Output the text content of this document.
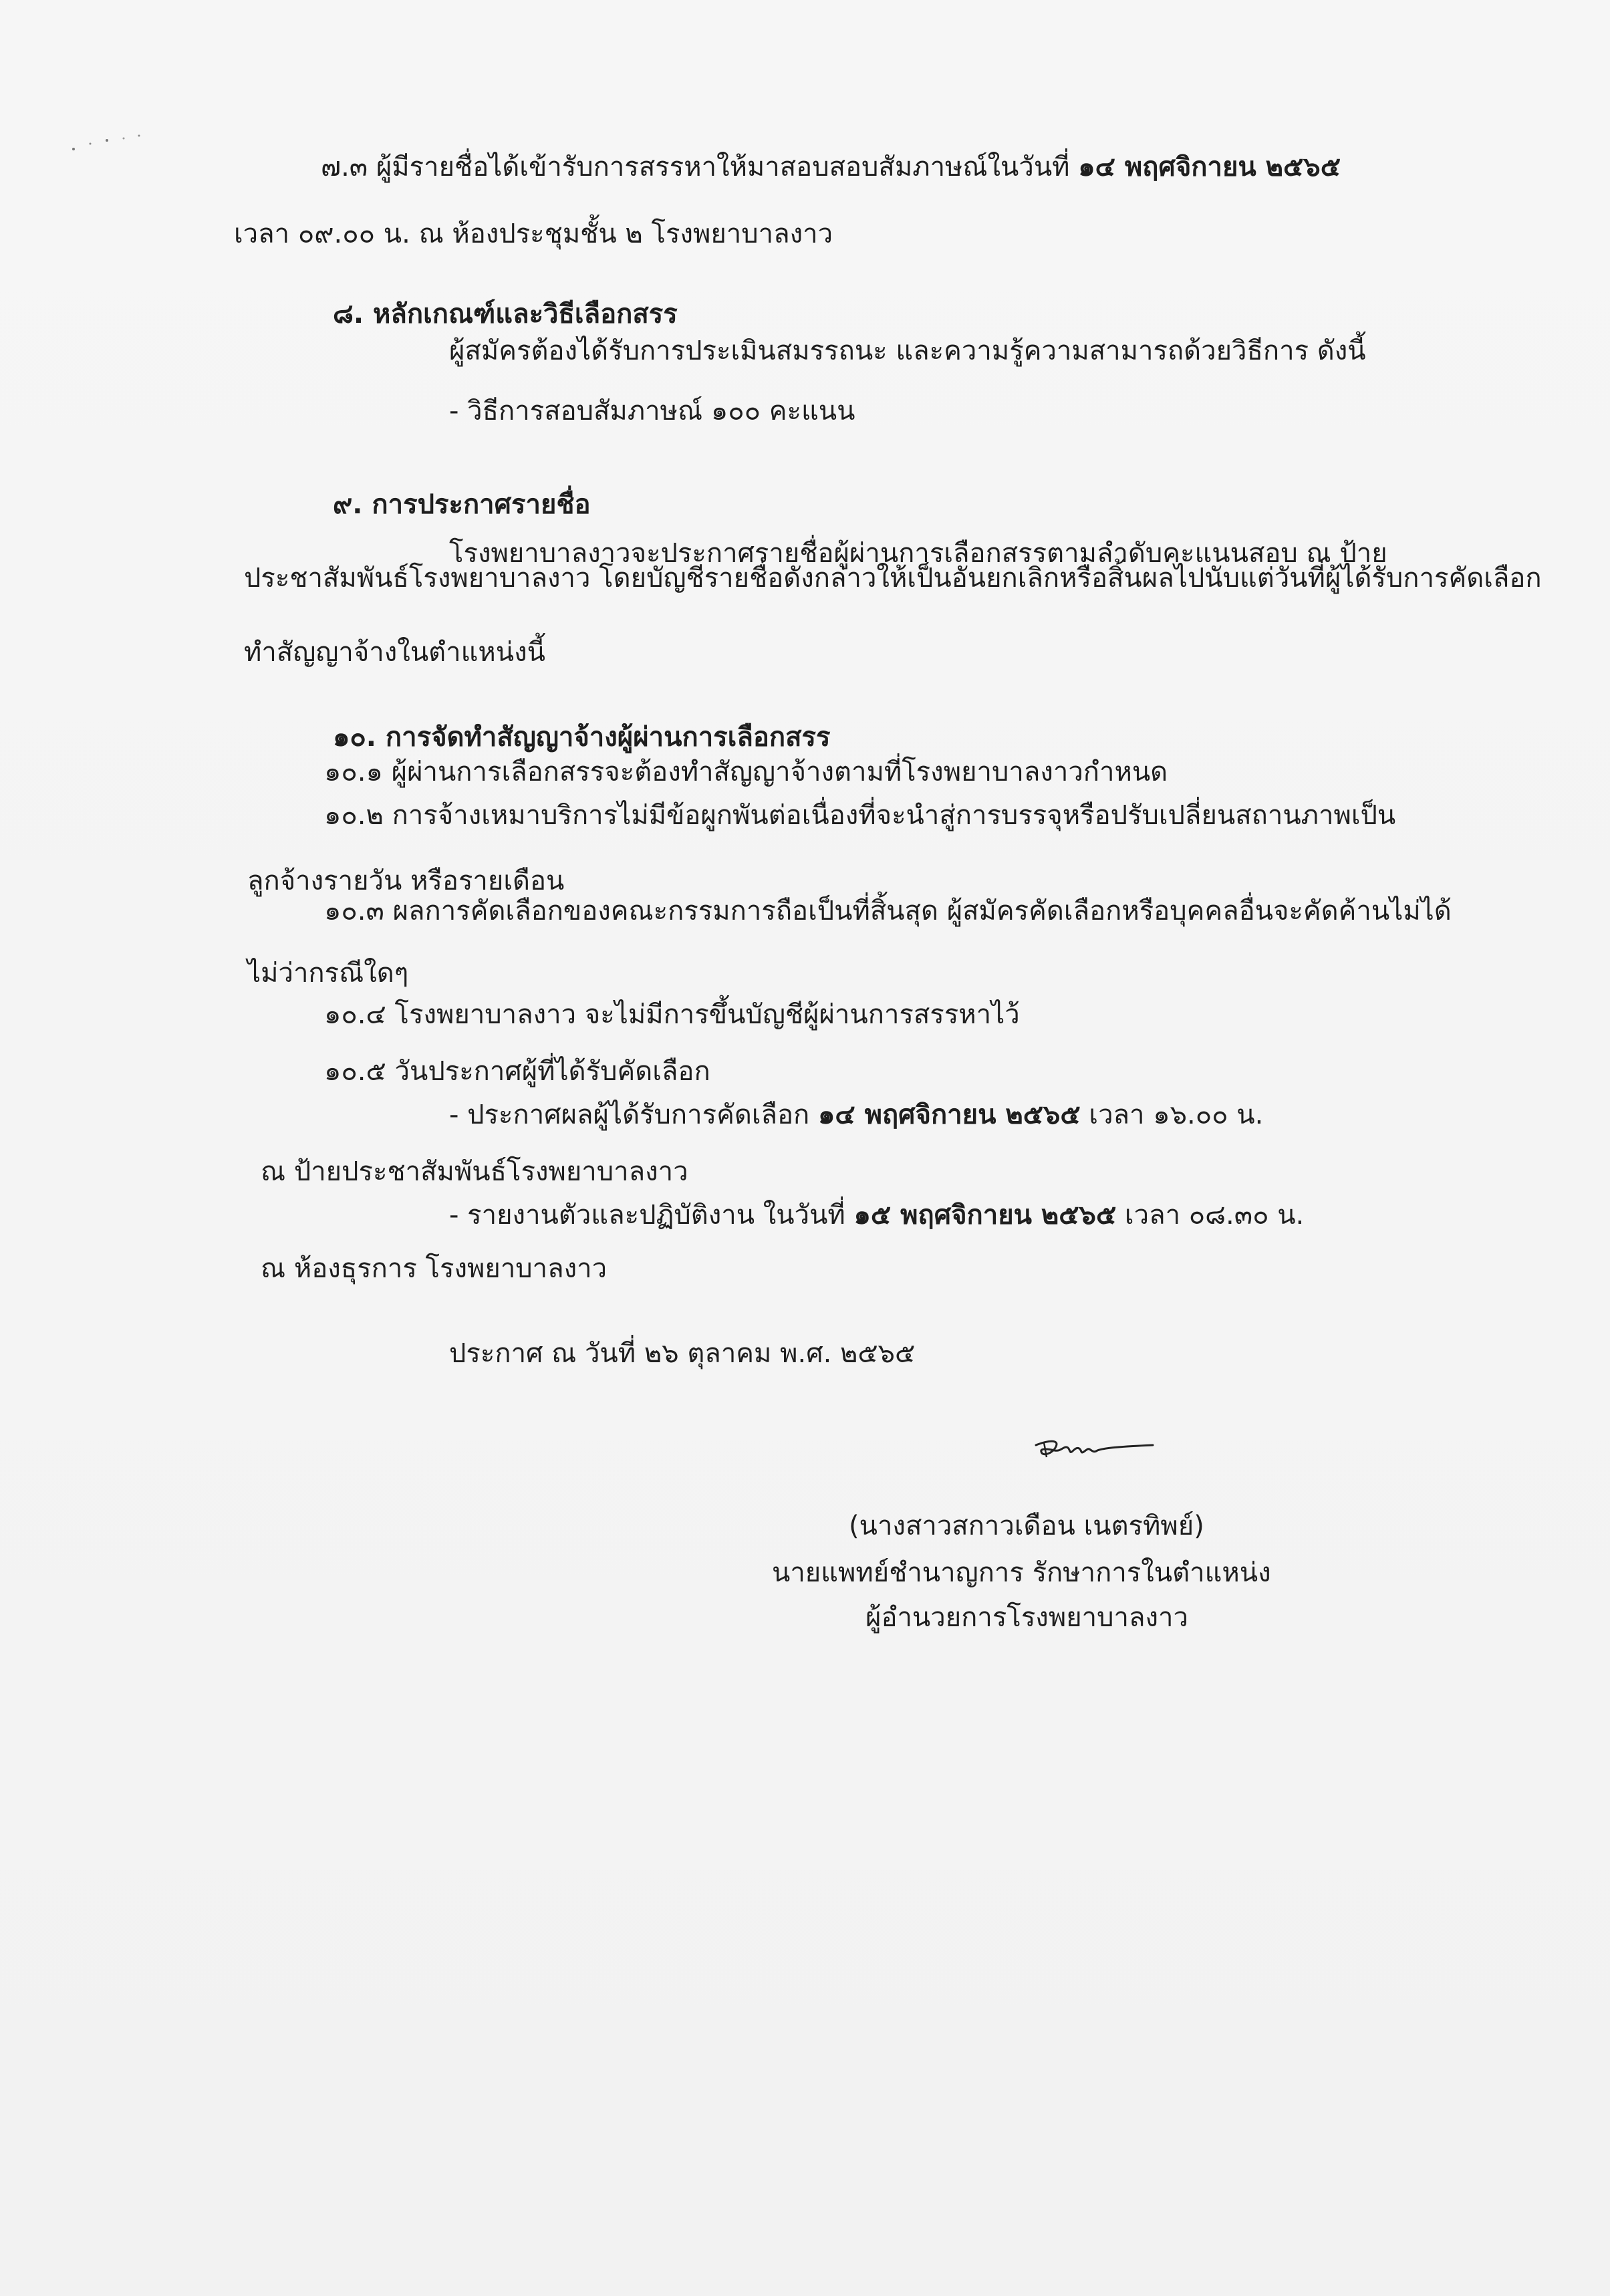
๗.๓ ผู้มีรายชื่อได้เข้ารับการสรรหาให้มาสอบสอบสัมภาษณ์ในวันที่ ๑๔ พฤศจิกายน ๒๕๖๕
เวลา ๐๙.๐๐ น. ณ ห้องประชุมชั้น ๒ โรงพยาบาลงาว
๘. หลักเกณฑ์และวิธีเลือกสรร
ผู้สมัครต้องได้รับการประเมินสมรรถนะ และความรู้ความสามารถด้วยวิธีการ ดังนี้
- วิธีการสอบสัมภาษณ์ ๑๐๐ คะแนน
๙. การประกาศรายชื่อ
โรงพยาบาลงาวจะประกาศรายชื่อผู้ผ่านการเลือกสรรตามลำดับคะแนนสอบ ณ ป้าย
ประชาสัมพันธ์โรงพยาบาลงาว โดยบัญชีรายชื่อดังกล่าวให้เป็นอันยกเลิกหรือสิ้นผลไปนับแต่วันที่ผู้ได้รับการคัดเลือก
ทำสัญญาจ้างในตำแหน่งนี้
๑๐. การจัดทำสัญญาจ้างผู้ผ่านการเลือกสรร
๑๐.๑ ผู้ผ่านการเลือกสรรจะต้องทำสัญญาจ้างตามที่โรงพยาบาลงาวกำหนด
๑๐.๒ การจ้างเหมาบริการไม่มีข้อผูกพันต่อเนื่องที่จะนำสู่การบรรจุหรือปรับเปลี่ยนสถานภาพเป็น
ลูกจ้างรายวัน หรือรายเดือน
๑๐.๓ ผลการคัดเลือกของคณะกรรมการถือเป็นที่สิ้นสุด ผู้สมัครคัดเลือกหรือบุคคลอื่นจะคัดค้านไม่ได้
ไม่ว่ากรณีใดๆ
๑๐.๔ โรงพยาบาลงาว จะไม่มีการขึ้นบัญชีผู้ผ่านการสรรหาไว้
๑๐.๕ วันประกาศผู้ที่ได้รับคัดเลือก
- ประกาศผลผู้ได้รับการคัดเลือก ๑๔ พฤศจิกายน ๒๕๖๕ เวลา ๑๖.๐๐ น.
ณ ป้ายประชาสัมพันธ์โรงพยาบาลงาว
- รายงานตัวและปฏิบัติงาน ในวันที่ ๑๕ พฤศจิกายน ๒๕๖๕ เวลา ๐๘.๓๐ น.
ณ ห้องธุรการ โรงพยาบาลงาว
ประกาศ ณ วันที่ ๒๖ ตุลาคม พ.ศ. ๒๕๖๕
(นางสาวสกาวเดือน เนตรทิพย์)
นายแพทย์ชำนาญการ รักษาการในตำแหน่ง
ผู้อำนวยการโรงพยาบาลงาว
